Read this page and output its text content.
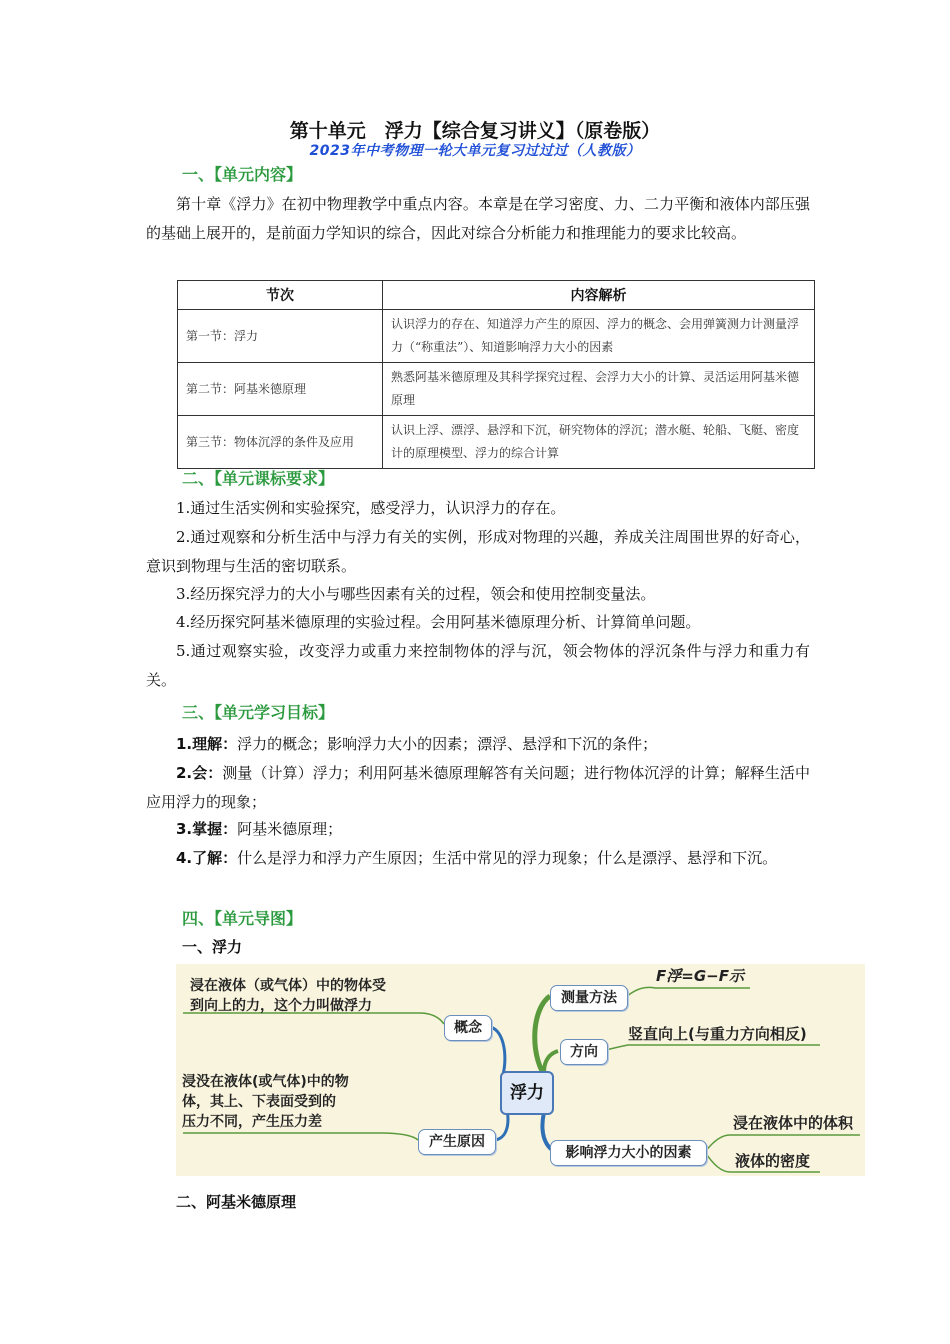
第十单元　浮力【综合复习讲义】（原卷版）
2023年中考物理一轮大单元复习过过过（人教版）
一、【单元内容】
第十章《浮力》在初中物理教学中重点内容。本章是在学习密度、力、二力平衡和液体内部压强的基础上展开的，是前面力学知识的综合，因此对综合分析能力和推理能力的要求比较高。
节次	内容解析
第一节：浮力	认识浮力的存在、知道浮力产生的原因、浮力的概念、会用弹簧测力计测量浮力（“称重法”）、知道影响浮力大小的因素
第二节：阿基米德原理	熟悉阿基米德原理及其科学探究过程、会浮力大小的计算、灵活运用阿基米德原理
第三节：物体沉浮的条件及应用	认识上浮、漂浮、悬浮和下沉，研究物体的浮沉；潜水艇、轮船、飞艇、密度计的原理模型、浮力的综合计算
二、【单元课标要求】
1.通过生活实例和实验探究，感受浮力，认识浮力的存在。
2.通过观察和分析生活中与浮力有关的实例，形成对物理的兴趣，养成关注周围世界的好奇心，意识到物理与生活的密切联系。
3.经历探究浮力的大小与哪些因素有关的过程，领会和使用控制变量法。
4.经历探究阿基米德原理的实验过程。会用阿基米德原理分析、计算简单问题。
5.通过观察实验，改变浮力或重力来控制物体的浮与沉，领会物体的浮沉条件与浮力和重力有关。
三、【单元学习目标】
1.理解：浮力的概念；影响浮力大小的因素；漂浮、悬浮和下沉的条件；
2.会：测量（计算）浮力；利用阿基米德原理解答有关问题；进行物体沉浮的计算；解释生活中应用浮力的现象；
3.掌握：阿基米德原理；
4.了解：什么是浮力和浮力产生原因；生活中常见的浮力现象；什么是漂浮、悬浮和下沉。
四、【单元导图】
一、浮力
浸在液体（或气体）中的物体受
到向上的力，这个力叫做浮力
概念
浸没在液体(或气体)中的物
体，其上、下表面受到的
压力不同，产生压力差
产生原因
浮力
测量方法
F浮=G−F示
方向
竖直向上(与重力方向相反)
影响浮力大小的因素
浸在液体中的体积
液体的密度
二、阿基米德原理
